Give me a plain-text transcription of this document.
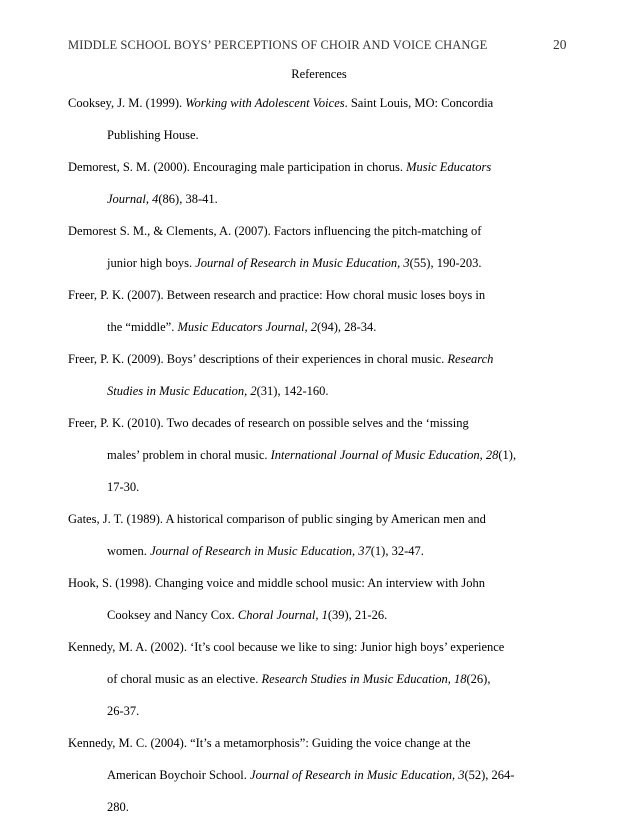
MIDDLE SCHOOL BOYS’ PERCEPTIONS OF CHOIR AND VOICE CHANGE	20
References
Cooksey, J. M. (1999). Working with Adolescent Voices. Saint Louis, MO: Concordia
Publishing House.
Demorest, S. M. (2000). Encouraging male participation in chorus. Music Educators
Journal, 4(86), 38-41.
Demorest S. M., & Clements, A. (2007). Factors influencing the pitch-matching of
junior high boys. Journal of Research in Music Education, 3(55), 190-203.
Freer, P. K. (2007). Between research and practice: How choral music loses boys in
the “middle”. Music Educators Journal, 2(94), 28-34.
Freer, P. K. (2009). Boys’ descriptions of their experiences in choral music. Research
Studies in Music Education, 2(31), 142-160.
Freer, P. K. (2010). Two decades of research on possible selves and the ‘missing
males’ problem in choral music. International Journal of Music Education, 28(1),
17-30.
Gates, J. T. (1989). A historical comparison of public singing by American men and
women. Journal of Research in Music Education, 37(1), 32-47.
Hook, S. (1998). Changing voice and middle school music: An interview with John
Cooksey and Nancy Cox. Choral Journal, 1(39), 21-26.
Kennedy, M. A. (2002). ‘It’s cool because we like to sing: Junior high boys’ experience
of choral music as an elective. Research Studies in Music Education, 18(26),
26-37.
Kennedy, M. C. (2004). “It’s a metamorphosis”: Guiding the voice change at the
American Boychoir School. Journal of Research in Music Education, 3(52), 264-
280.
